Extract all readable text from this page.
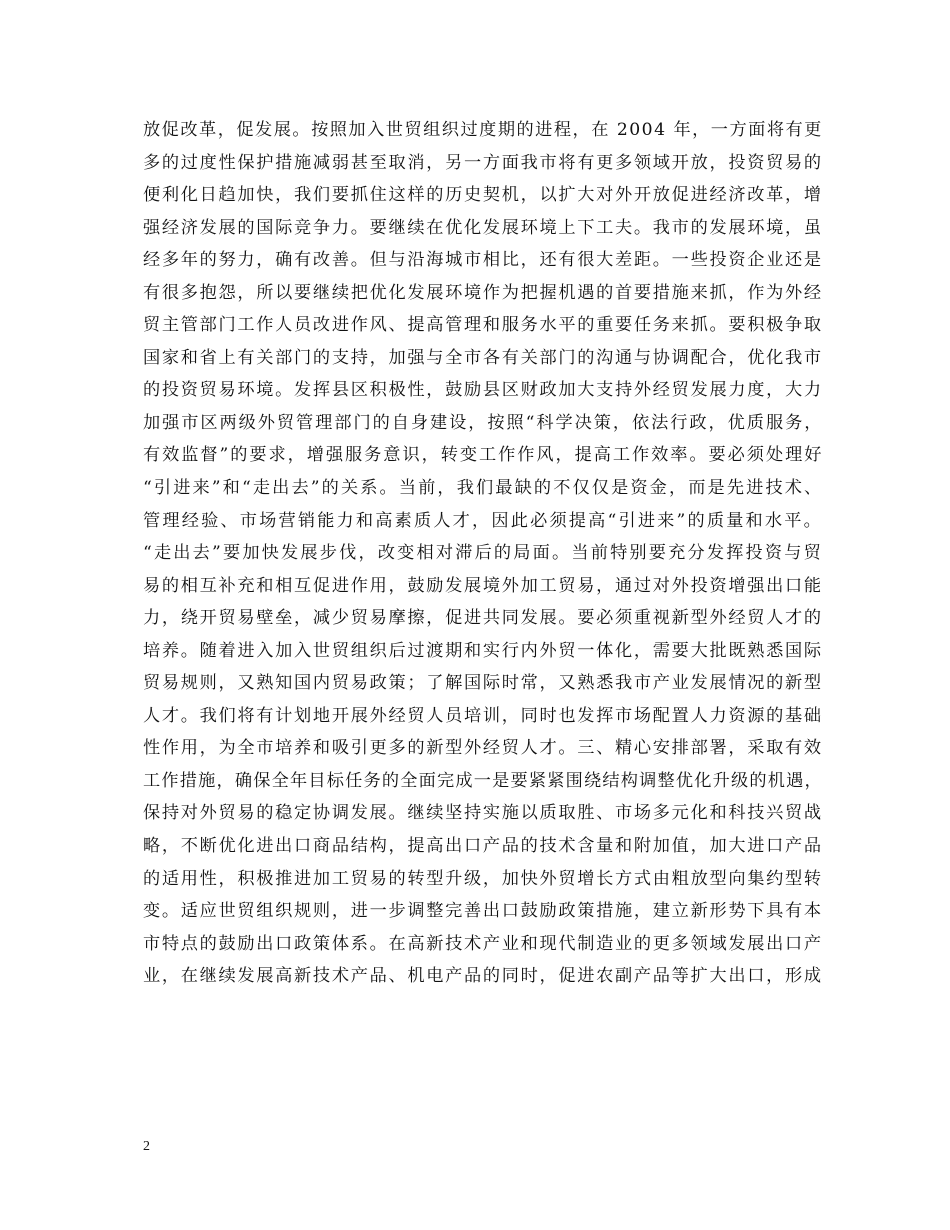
放促改革，促发展。按照加入世贸组织过度期的进程，在 2004 年，一方面将有更
多的过度性保护措施减弱甚至取消，另一方面我市将有更多领域开放，投资贸易的
便利化日趋加快，我们要抓住这样的历史契机，以扩大对外开放促进经济改革，增
强经济发展的国际竞争力。要继续在优化发展环境上下工夫。我市的发展环境，虽
经多年的努力，确有改善。但与沿海城市相比，还有很大差距。一些投资企业还是
有很多抱怨，所以要继续把优化发展环境作为把握机遇的首要措施来抓，作为外经
贸主管部门工作人员改进作风、提高管理和服务水平的重要任务来抓。要积极争取
国家和省上有关部门的支持，加强与全市各有关部门的沟通与协调配合，优化我市
的投资贸易环境。发挥县区积极性，鼓励县区财政加大支持外经贸发展力度，大力
加强市区两级外贸管理部门的自身建设，按照“科学决策，依法行政，优质服务，
有效监督”的要求，增强服务意识，转变工作作风，提高工作效率。要必须处理好
“引进来”和“走出去”的关系。当前，我们最缺的不仅仅是资金，而是先进技术、
管理经验、市场营销能力和高素质人才，因此必须提高“引进来”的质量和水平。
“走出去”要加快发展步伐，改变相对滞后的局面。当前特别要充分发挥投资与贸
易的相互补充和相互促进作用，鼓励发展境外加工贸易，通过对外投资增强出口能
力，绕开贸易壁垒，减少贸易摩擦，促进共同发展。要必须重视新型外经贸人才的
培养。随着进入加入世贸组织后过渡期和实行内外贸一体化，需要大批既熟悉国际
贸易规则，又熟知国内贸易政策；了解国际时常，又熟悉我市产业发展情况的新型
人才。我们将有计划地开展外经贸人员培训，同时也发挥市场配置人力资源的基础
性作用，为全市培养和吸引更多的新型外经贸人才。三、精心安排部署，采取有效
工作措施，确保全年目标任务的全面完成一是要紧紧围绕结构调整优化升级的机遇，
保持对外贸易的稳定协调发展。继续坚持实施以质取胜、市场多元化和科技兴贸战
略，不断优化进出口商品结构，提高出口产品的技术含量和附加值，加大进口产品
的适用性，积极推进加工贸易的转型升级，加快外贸增长方式由粗放型向集约型转
变。适应世贸组织规则，进一步调整完善出口鼓励政策措施，建立新形势下具有本
市特点的鼓励出口政策体系。在高新技术产业和现代制造业的更多领域发展出口产
业，在继续发展高新技术产品、机电产品的同时，促进农副产品等扩大出口，形成
2
